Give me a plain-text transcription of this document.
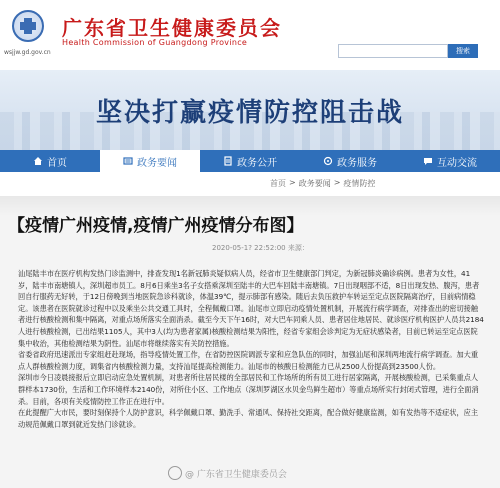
wsjjw.gd.gov.cn
广东省卫生健康委员会
Health Commission of Guangdong Province
搜索
坚决打赢疫情防控阻击战
首页	政务要闻	政务公开	政务服务	互动交流
首页 > 政务要闻 > 疫情防控

汕尾陆丰市在医疗机构发热门诊监测中，排查发现1名新冠肺炎疑似病人员，经省市卫生健康部门判定，为新冠肺炎确诊病例。患者为女性，41岁，陆丰市南塘镇人，深圳超市员工。8月6日乘坐3名子女搭乘深圳至陆丰的大巴车回陆丰南塘镇。7日出现咽部不适，8日出现发热、腹泻，患者回自行服药无好转，于12日傍晚到当地医院急诊科就诊，体温39℃，提示肺部有感染。随后去负压救护车转运至定点医院隔离治疗，目前病情稳定。该患者在医院就诊过程中以及乘坐公共交通工具时，全程佩戴口罩。汕尾市立即启动疫情处置机制，开展流行病学调查，对排查出的密切接触者进行核酸检测和集中隔离，对重点场所落实全面消杀。截至今天下午16时，对大巴车同乘人员、患者居住地居民、就诊医疗机构医护人员共2184人进行核酸检测，已出结果1105人，其中3人(均为患者家属)核酸检测结果为阳性，经省专家组会诊判定为无症状感染者，目前已转运至定点医院集中收治，其他检测结果为阴性。汕尾市将继续落实有关防控措施。

省委省政府迅速派出专家组赶赴现场，指导疫情处置工作，在省防控医院调派专家和应急队伍的同时，加强汕尾和深圳两地流行病学调查。加大重点人群核酸检测力度，调集省内核酸检测力量，支持汕尾提高检测能力。汕尾市的核酸日检测能力已从2500人份提高到23500人份。

深圳市今日凌晨接报后立即启动应急处置机制，对患者所住居民楼的全部居民和工作场所的所有员工进行居家隔离，开展核酸检测，已采集重点人群样本1730份，生活和工作环境样本2140份，对所住小区、工作地点（深圳罗湖区水贝金鸟鲜生超市）等重点场所实行封闭式管理，进行全面消杀。目前，各项有关疫情防控工作正在进行中。

在此提醒广大市民，要时刻保持个人防护意识，科学佩戴口罩、勤洗手、常通风、保持社交距离，配合做好健康监测，如有发热等不适症状，应主动规范佩戴口罩到就近发热门诊就诊。

【疫情广州疫情,疫情广州疫情分布图】
2020-05-1? 22:52:00 来源：
@ 广东省卫生健康委员会
